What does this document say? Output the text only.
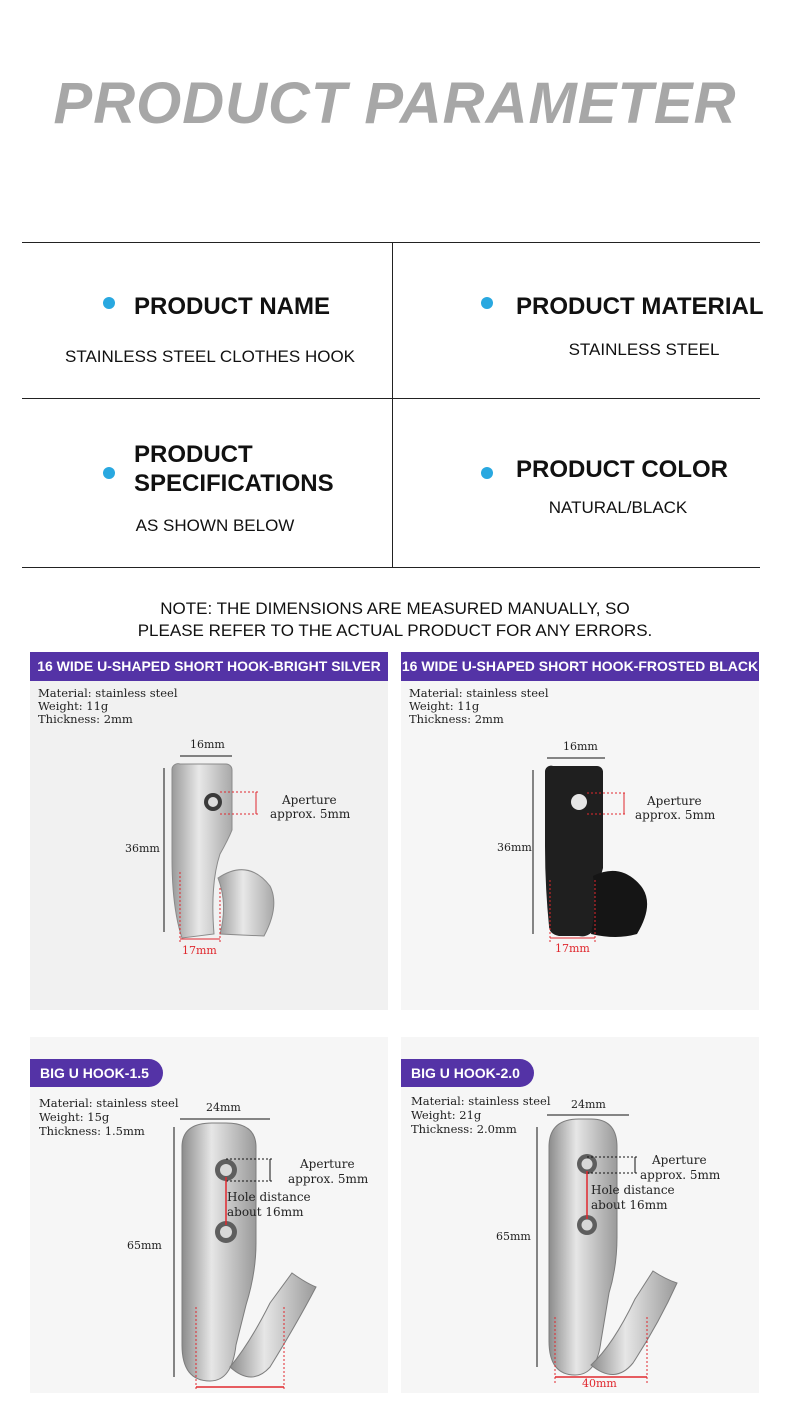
PRODUCT PARAMETER
PRODUCT NAME
STAINLESS STEEL CLOTHES HOOK
PRODUCT MATERIAL
STAINLESS STEEL
PRODUCT
SPECIFICATIONS
AS SHOWN BELOW
PRODUCT COLOR
NATURAL/BLACK
NOTE: THE DIMENSIONS ARE MEASURED MANUALLY, SO
PLEASE REFER TO THE ACTUAL PRODUCT FOR ANY ERRORS.
16 WIDE U-SHAPED SHORT HOOK-BRIGHT SILVER
Material: stainless steel
Weight: 11g
Thickness: 2mm
16mm
36mm
17mm
Aperture
approx. 5mm
16 WIDE U-SHAPED SHORT HOOK-FROSTED BLACK
Material: stainless steel
Weight: 11g
Thickness: 2mm
16mm
36mm
17mm
Aperture
approx. 5mm
BIG U HOOK-1.5
Material: stainless steel
Weight: 15g
Thickness: 1.5mm
24mm
65mm
Aperture
approx. 5mm
Hole distance
about 16mm
BIG U HOOK-2.0
Material: stainless steel
Weight: 21g
Thickness: 2.0mm
24mm
65mm
40mm
Aperture
approx. 5mm
Hole distance
about 16mm
